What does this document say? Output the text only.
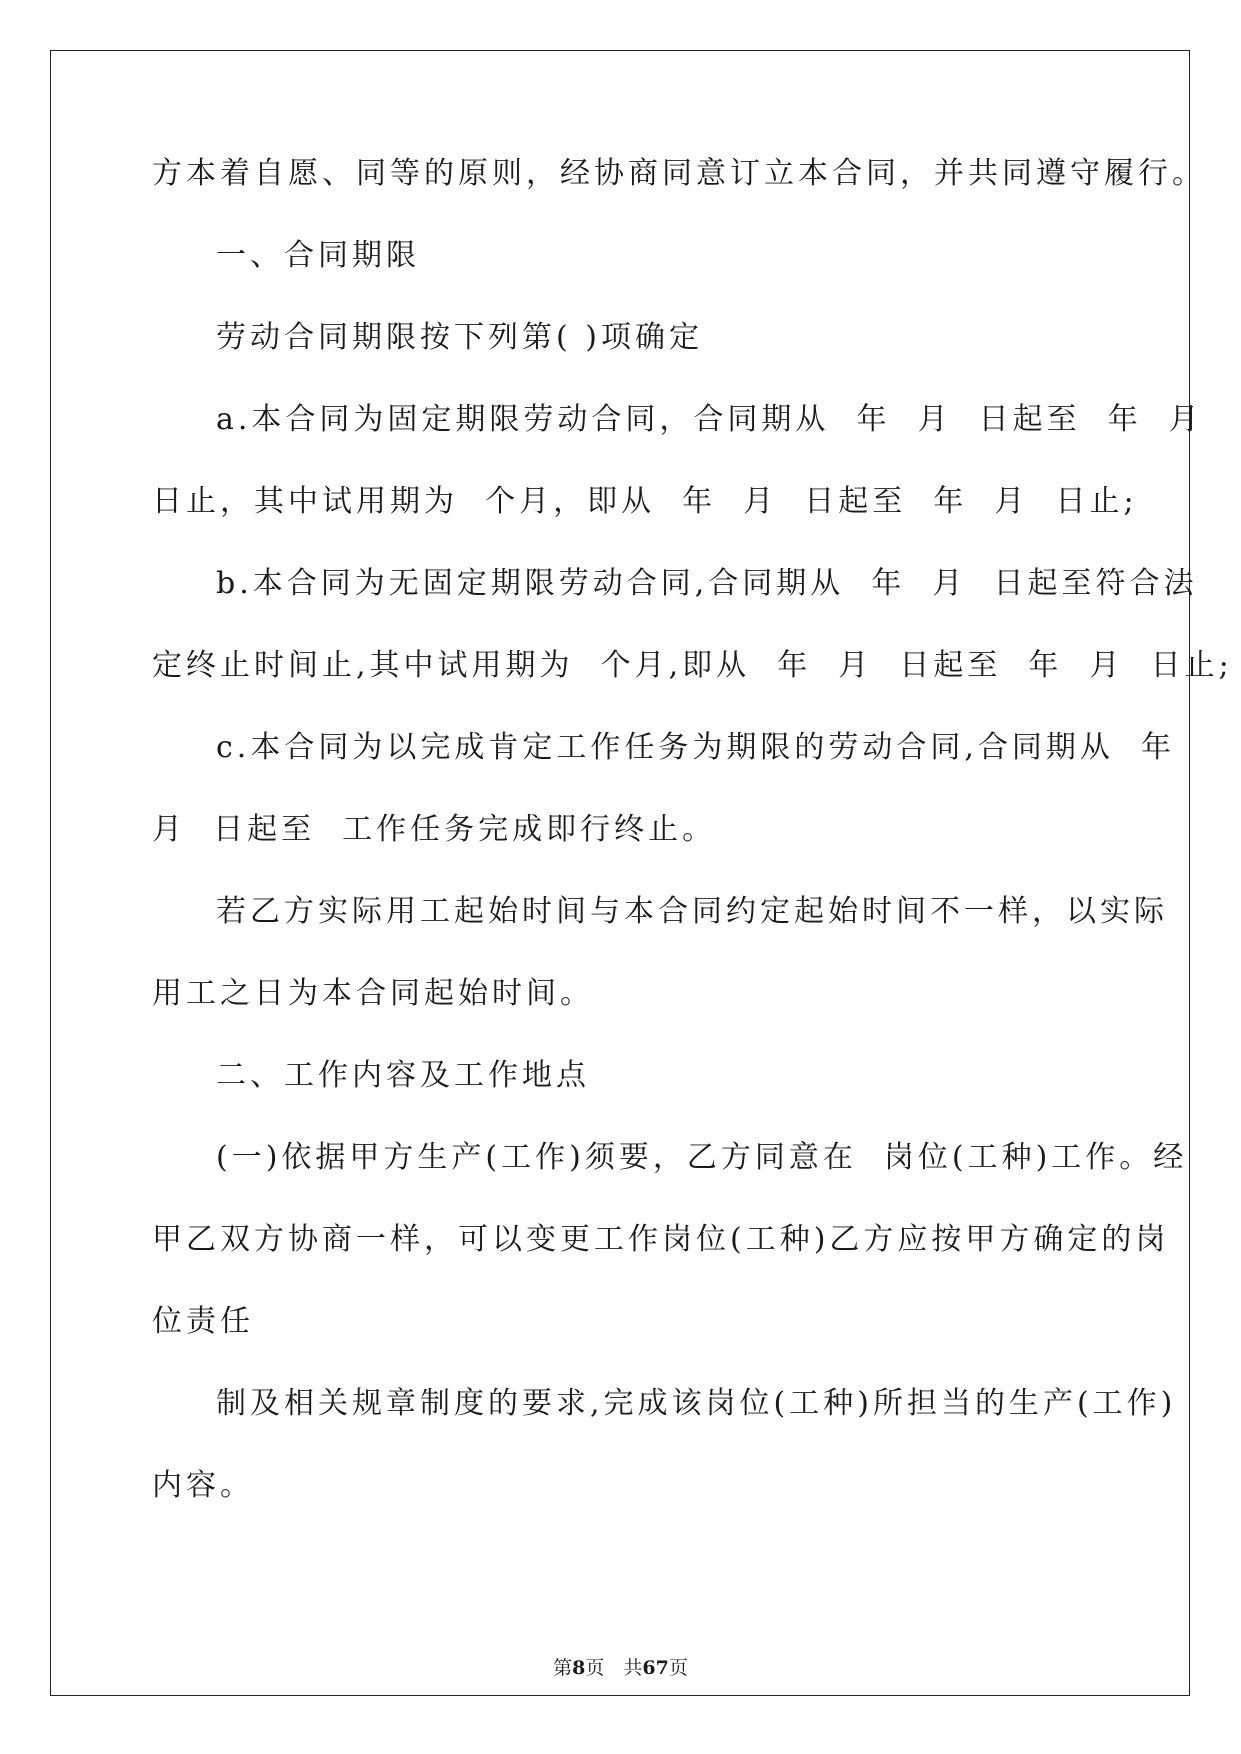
方本着自愿、同等的原则，经协商同意订立本合同，并共同遵守履行。
一、合同期限
劳动合同期限按下列第( )项确定
a.本合同为固定期限劳动合同，合同期从  年  月  日起至  年  月
日止，其中试用期为  个月，即从  年  月  日起至  年  月  日止;
b.本合同为无固定期限劳动合同,合同期从  年  月  日起至符合法
定终止时间止,其中试用期为  个月,即从  年  月  日起至  年  月  日止;
c.本合同为以完成肯定工作任务为期限的劳动合同,合同期从  年
月  日起至  工作任务完成即行终止。
若乙方实际用工起始时间与本合同约定起始时间不一样，以实际
用工之日为本合同起始时间。
二、工作内容及工作地点
(一)依据甲方生产(工作)须要，乙方同意在  岗位(工种)工作。经
甲乙双方协商一样，可以变更工作岗位(工种)乙方应按甲方确定的岗
位责任
制及相关规章制度的要求,完成该岗位(工种)所担当的生产(工作)
内容。
第8页　共67页
